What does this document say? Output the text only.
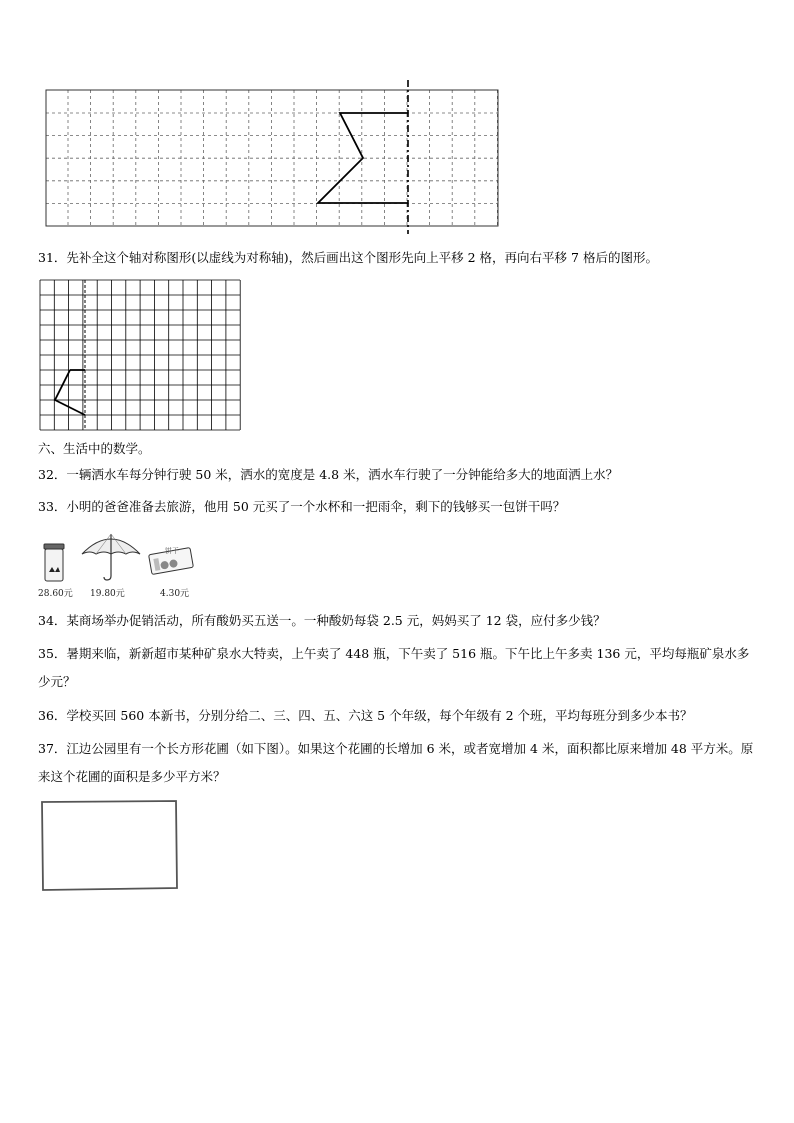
31．先补全这个轴对称图形(以虚线为对称轴)，然后画出这个图形先向上平移 2 格，再向右平移 7 格后的图形。
六、生活中的数学。
32．一辆洒水车每分钟行驶 50 米，洒水的宽度是 4.8 米，洒水车行驶了一分钟能给多大的地面洒上水？
33．小明的爸爸准备去旅游，他用 50 元买了一个水杯和一把雨伞，剩下的钱够买一包饼干吗？
28.60元 19.80元
饼干
4.30元
34．某商场举办促销活动，所有酸奶买五送一。一种酸奶每袋 2.5 元，妈妈买了 12 袋，应付多少钱？
35．暑期来临，新新超市某种矿泉水大特卖，上午卖了 448 瓶，下午卖了 516 瓶。下午比上午多卖 136 元，平均每瓶矿泉水多少元？
36．学校买回 560 本新书，分别分给二、三、四、五、六这 5 个年级，每个年级有 2 个班，平均每班分到多少本书？
37．江边公园里有一个长方形花圃（如下图）。如果这个花圃的长增加 6 米，或者宽增加 4 米，面积都比原来增加 48 平方米。原来这个花圃的面积是多少平方米？
